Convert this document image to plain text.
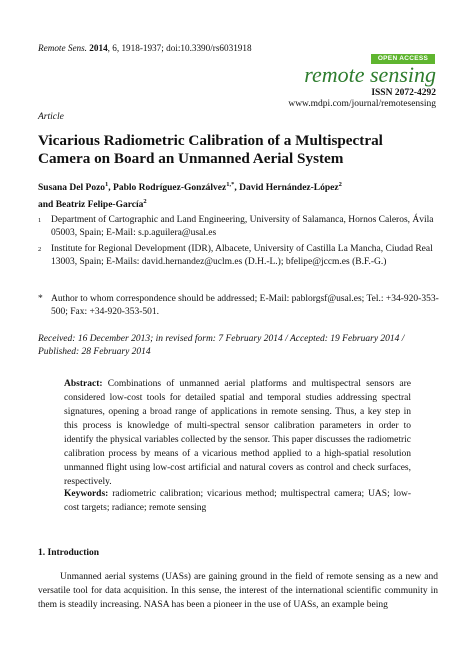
Remote Sens. 2014, 6, 1918-1937; doi:10.3390/rs6031918
OPEN ACCESS
remote sensing
ISSN 2072-4292
www.mdpi.com/journal/remotesensing
Article
Vicarious Radiometric Calibration of a Multispectral Camera on Board an Unmanned Aerial System
Susana Del Pozo$^1$, Pablo Rodríguez-Gonzálvez$^{1,*}$, David Hernández-López$^2$
and Beatriz Felipe-García$^2$
1 Department of Cartographic and Land Engineering, University of Salamanca, Hornos Caleros, Ávila 05003, Spain; E-Mail: s.p.aguilera@usal.es
2 Institute for Regional Development (IDR), Albacete, University of Castilla La Mancha, Ciudad Real 13003, Spain; E-Mails: david.hernandez@uclm.es (D.H.-L.); bfelipe@jccm.es (B.F.-G.)
* Author to whom correspondence should be addressed; E-Mail: pablorgsf@usal.es; Tel.: +34-920-353-500; Fax: +34-920-353-501.
Received: 16 December 2013; in revised form: 7 February 2014 / Accepted: 19 February 2014 / Published: 28 February 2014
Abstract: Combinations of unmanned aerial platforms and multispectral sensors are considered low-cost tools for detailed spatial and temporal studies addressing spectral signatures, opening a broad range of applications in remote sensing. Thus, a key step in this process is knowledge of multi-spectral sensor calibration parameters in order to identify the physical variables collected by the sensor. This paper discusses the radiometric calibration process by means of a vicarious method applied to a high-spatial resolution unmanned flight using low-cost artificial and natural covers as control and check surfaces, respectively.
Keywords: radiometric calibration; vicarious method; multispectral camera; UAS; low-cost targets; radiance; remote sensing
1. Introduction
Unmanned aerial systems (UASs) are gaining ground in the field of remote sensing as a new and versatile tool for data acquisition. In this sense, the interest of the international scientific community in them is steadily increasing. NASA has been a pioneer in the use of UASs, an example being
